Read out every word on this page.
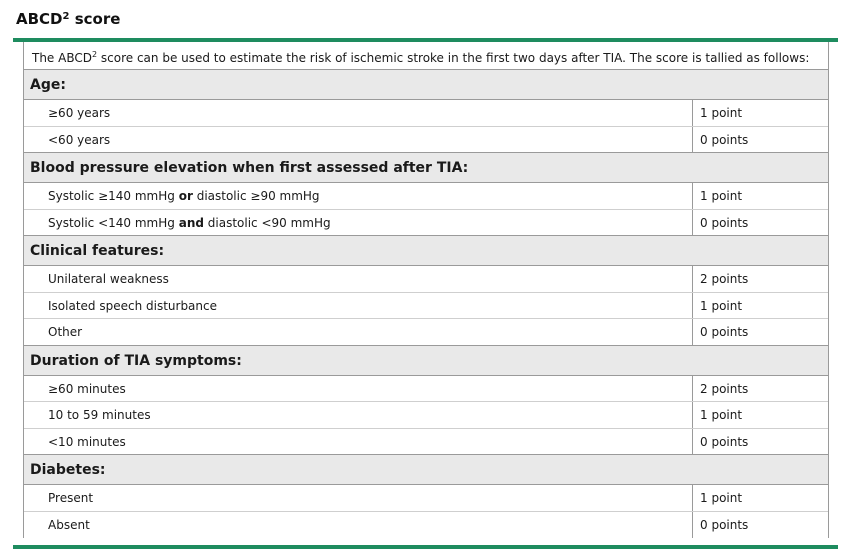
ABCD$^2$ score
The ABCD$^2$ score can be used to estimate the risk of ischemic stroke in the first two days after TIA. The score is tallied as follows:
Age:
≥60 years	1 point
<60 years	0 points
Blood pressure elevation when first assessed after TIA:
Systolic ≥140 mmHg or diastolic ≥90 mmHg	1 point
Systolic <140 mmHg and diastolic <90 mmHg	0 points
Clinical features:
Unilateral weakness	2 points
Isolated speech disturbance	1 point
Other	0 points
Duration of TIA symptoms:
≥60 minutes	2 points
10 to 59 minutes	1 point
<10 minutes	0 points
Diabetes:
Present	1 point
Absent	0 points
